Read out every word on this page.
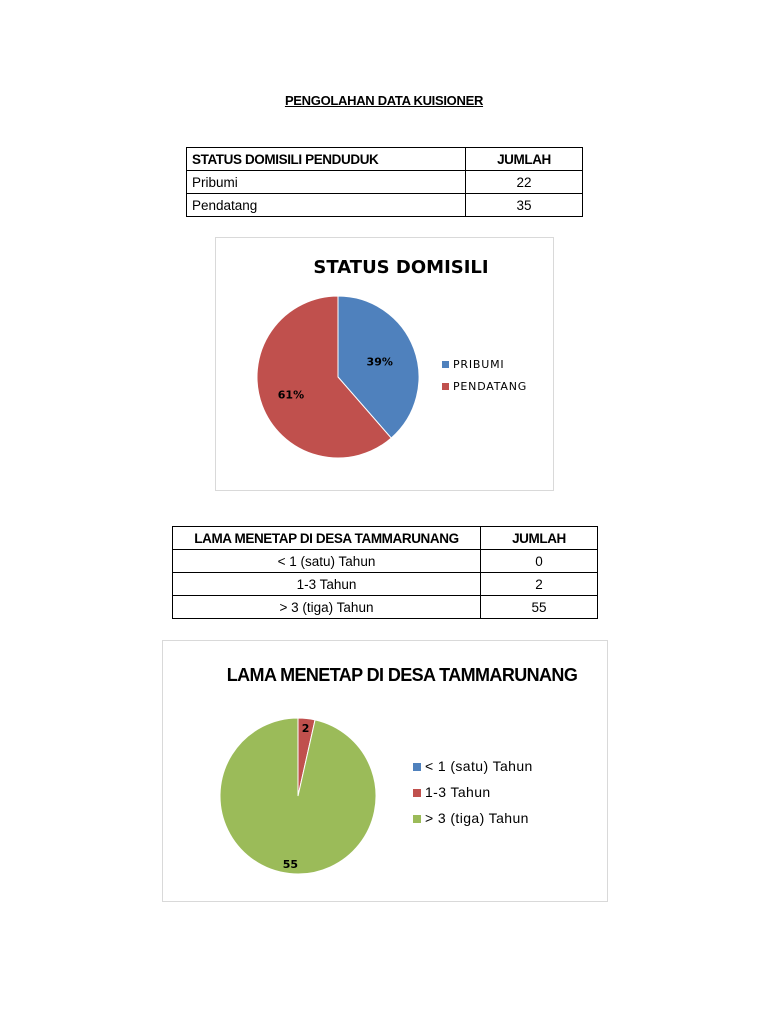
PENGOLAHAN DATA KUISIONER
STATUS DOMISILI PENDUDUK	JUMLAH
Pribumi	22
Pendatang	35
STATUS DOMISILI
39%
61%
PRIBUMI
PENDATANG
LAMA MENETAP DI DESA TAMMARUNANG	JUMLAH
< 1 (satu) Tahun	0
1-3 Tahun	2
> 3 (tiga) Tahun	55
LAMA MENETAP DI DESA TAMMARUNANG
2
55
< 1 (satu) Tahun
1-3 Tahun
> 3 (tiga) Tahun
